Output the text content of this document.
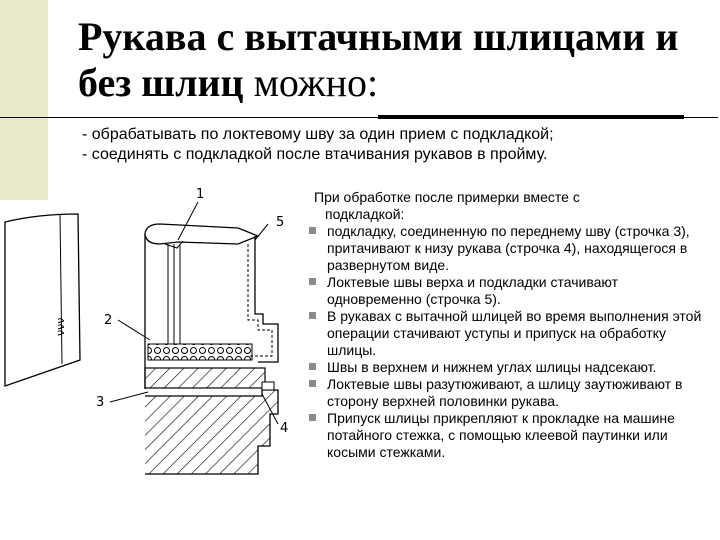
Рукава с вытачными шлицами и без шлиц можно:
- обрабатывать по локтевому шву за один прием с подкладкой;
- соединять с подкладкой после втачивания рукавов в пройму.
ννν
1
2
3
4
5
При обработке после примерки вместе с
подкладкой:
подкладку, соединенную по переднему шву (строчка 3), притачивают к низу рукава (строчка 4), находящегося в развернутом виде.
Локтевые швы верха и подкладки стачивают одновременно (строчка 5).
В рукавах с вытачной шлицей во время выполнения этой операции стачивают уступы и припуск на обработку шлицы.
Швы в верхнем и нижнем углах шлицы надсекают.
Локтевые швы разутюживают, а шлицу заутюживают в сторону верхней половинки рукава.
Припуск шлицы прикрепляют к прокладке на машине потайного стежка, с помощью клеевой паутинки или косыми стежками.
